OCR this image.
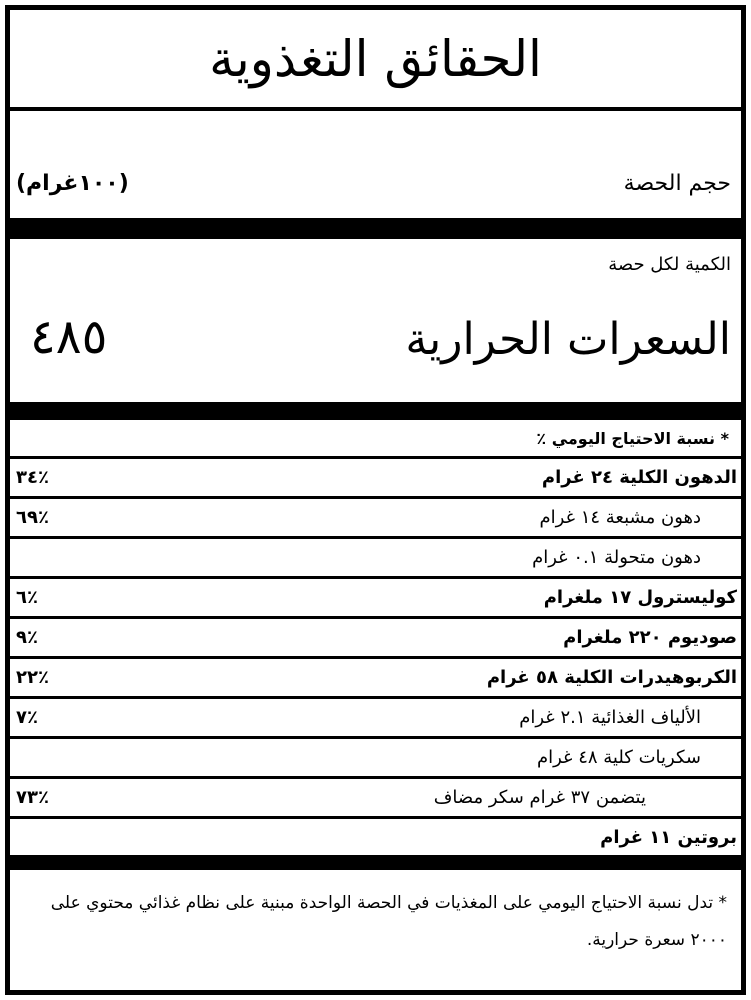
الحقائق التغذوية
حجم الحصة
(١٠٠غرام)
الكمية لكل حصة
السعرات الحرارية
٤٨٥
* نسبة الاحتياج اليومي ٪
الدهون الكلية ٢٤ غرام
٪٣٤
دهون مشبعة ١٤ غرام
٪٦٩
دهون متحولة ٠.١ غرام
كوليسترول ١٧ ملغرام
٪٦
صوديوم ٢٢٠ ملغرام
٪٩
الكربوهيدرات الكلية ٥٨ غرام
٪٢٢
الألياف الغذائية ٢.١ غرام
٪٧
سكريات كلية ٤٨ غرام
يتضمن ٣٧ غرام سكر مضاف
٪٧٣
بروتين ١١ غرام
* تدل نسبة الاحتياج اليومي على المغذيات في الحصة الواحدة مبنية على نظام غذائي محتوي على ٢٠٠٠ سعرة حرارية.
